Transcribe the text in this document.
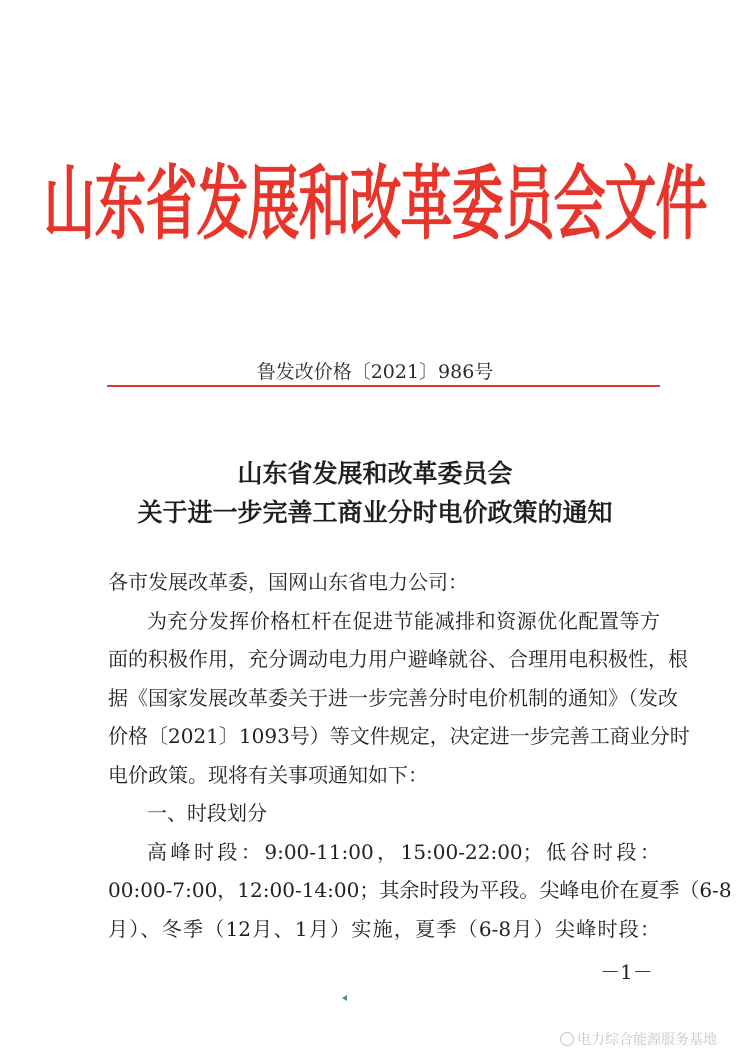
山东省发展和改革委员会文件
鲁发改价格〔2021〕986号
山东省发展和改革委员会
关于进一步完善工商业分时电价政策的通知
各市发展改革委，国网山东省电力公司：
为充分发挥价格杠杆在促进节能减排和资源优化配置等方
面的积极作用，充分调动电力用户避峰就谷、合理用电积极性，根
据《国家发展改革委关于进一步完善分时电价机制的通知》（发改
价格〔2021〕1093号）等文件规定，决定进一步完善工商业分时
电价政策。现将有关事项通知如下：
一、时段划分
高峰时段：9:00-11:00，15:00-22:00；低谷时段：
00:00-7:00，12:00-14:00；其余时段为平段。尖峰电价在夏季（6-8
月）、冬季（12月、1月）实施，夏季（6-8月）尖峰时段：
－1－
电力综合能源服务基地
